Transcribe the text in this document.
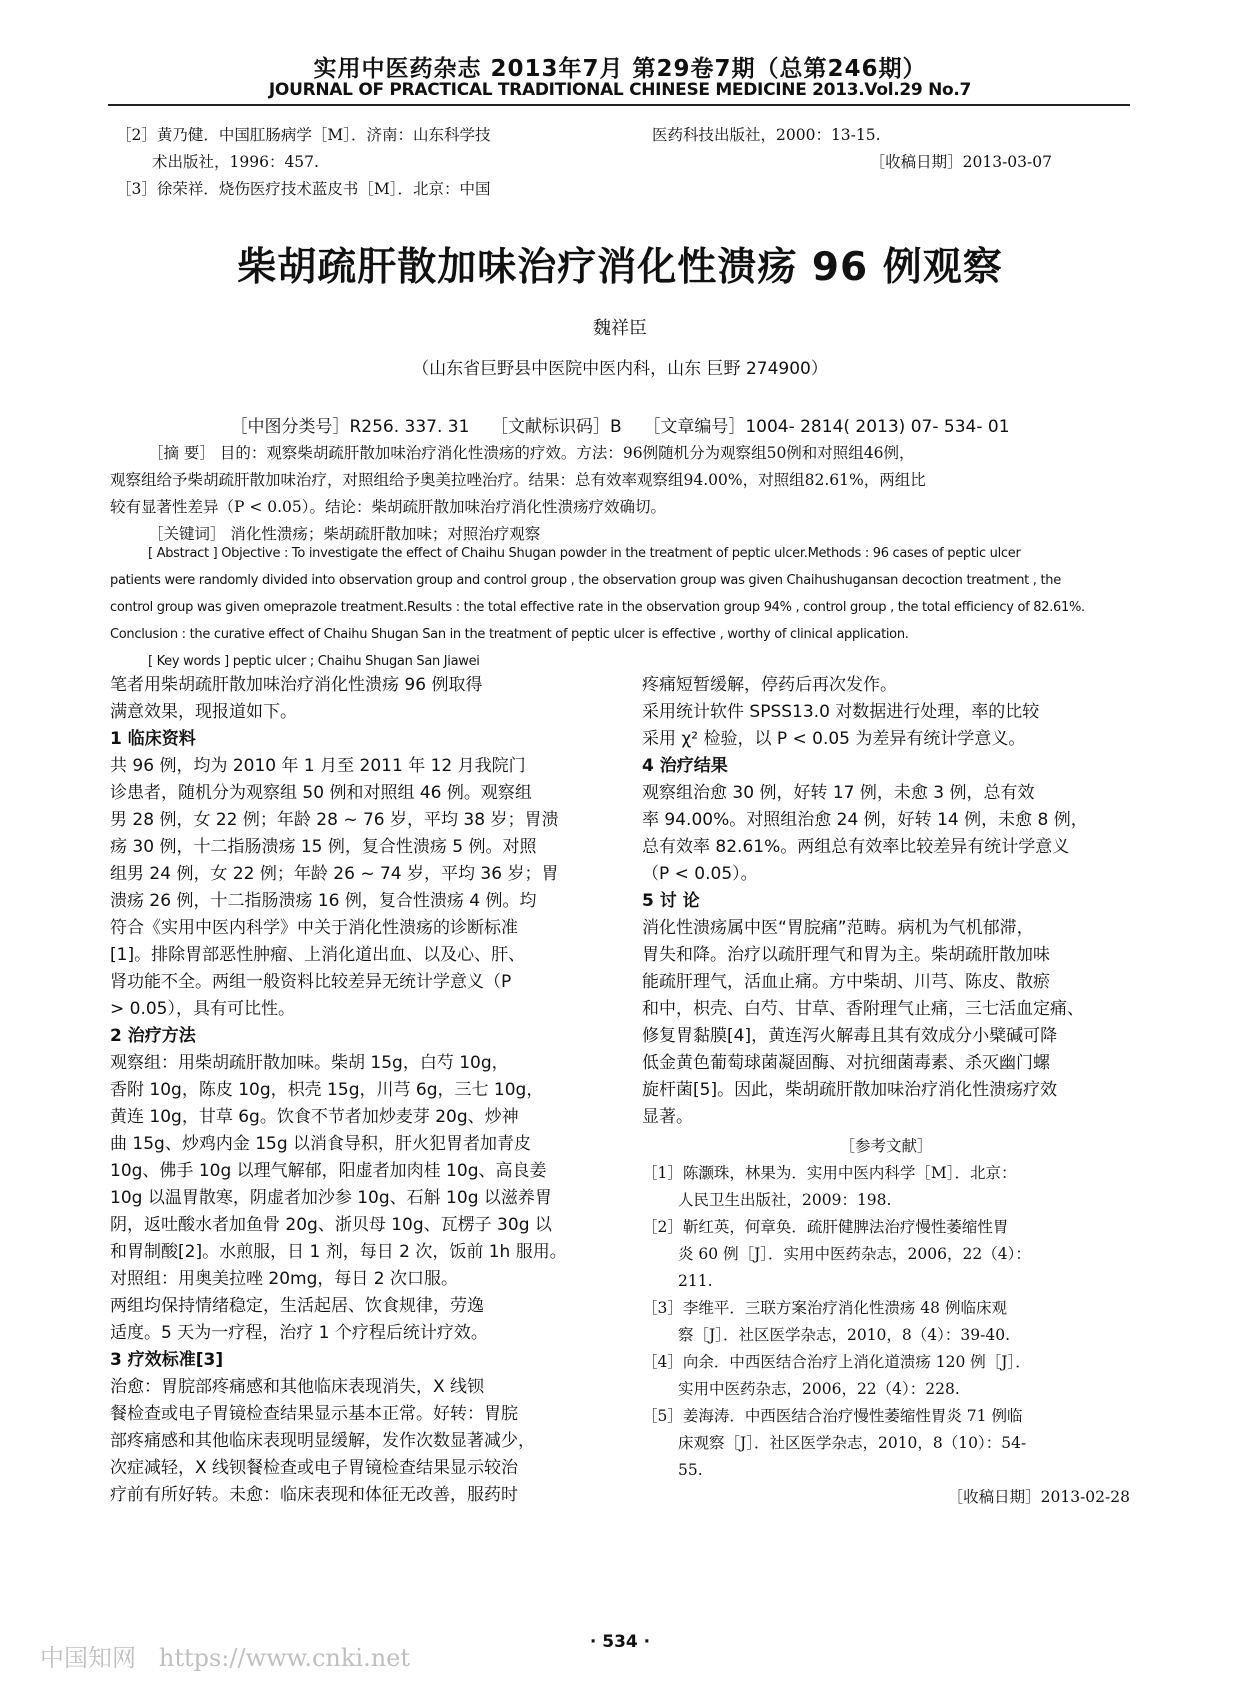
实用中医药杂志 2013年7月 第29卷7期（总第246期）
JOURNAL OF PRACTICAL TRADITIONAL CHINESE MEDICINE 2013.Vol.29 No.7
［2］黄乃健．中国肛肠病学［M］．济南：山东科学技
术出版社，1996：457.
［3］徐荣祥．烧伤医疗技术蓝皮书［M］．北京：中国
医药科技出版社，2000：13-15.
［收稿日期］2013-03-07
柴胡疏肝散加味治疗消化性溃疡 96 例观察
魏祥臣
（山东省巨野县中医院中医内科，山东 巨野 274900）
［中图分类号］R256. 337. 31    ［文献标识码］B    ［文章编号］1004- 2814( 2013) 07- 534- 01
［摘 要］ 目的：观察柴胡疏肝散加味治疗消化性溃疡的疗效。方法：96例随机分为观察组50例和对照组46例，
观察组给予柴胡疏肝散加味治疗，对照组给予奥美拉唑治疗。结果：总有效率观察组94.00%，对照组82.61%，两组比
较有显著性差异（P < 0.05）。结论：柴胡疏肝散加味治疗消化性溃疡疗效确切。
［关键词］ 消化性溃疡；柴胡疏肝散加味；对照治疗观察
[ Abstract ] Objective : To investigate the effect of Chaihu Shugan powder in the treatment of peptic ulcer.Methods : 96 cases of peptic ulcer
patients were randomly divided into observation group and control group , the observation group was given Chaihushugansan decoction treatment , the
control group was given omeprazole treatment.Results : the total effective rate in the observation group 94% , control group , the total efficiency of 82.61%.
Conclusion : the curative effect of Chaihu Shugan San in the treatment of peptic ulcer is effective , worthy of clinical application.
[ Key words ] peptic ulcer ; Chaihu Shugan San Jiawei
笔者用柴胡疏肝散加味治疗消化性溃疡 96 例取得
满意效果，现报道如下。
1 临床资料
共 96 例，均为 2010 年 1 月至 2011 年 12 月我院门
诊患者，随机分为观察组 50 例和对照组 46 例。观察组
男 28 例，女 22 例；年龄 28 ~ 76 岁，平均 38 岁；胃溃
疡 30 例，十二指肠溃疡 15 例，复合性溃疡 5 例。对照
组男 24 例，女 22 例；年龄 26 ~ 74 岁，平均 36 岁；胃
溃疡 26 例，十二指肠溃疡 16 例，复合性溃疡 4 例。均
符合《实用中医内科学》中关于消化性溃疡的诊断标准
[1]。排除胃部恶性肿瘤、上消化道出血、以及心、肝、
肾功能不全。两组一般资料比较差异无统计学意义（P
> 0.05），具有可比性。
2 治疗方法
观察组：用柴胡疏肝散加味。柴胡 15g，白芍 10g，
香附 10g，陈皮 10g，枳壳 15g，川芎 6g，三七 10g，
黄连 10g，甘草 6g。饮食不节者加炒麦芽 20g、炒神
曲 15g、炒鸡内金 15g 以消食导积，肝火犯胃者加青皮
10g、佛手 10g 以理气解郁，阳虚者加肉桂 10g、高良姜
10g 以温胃散寒，阴虚者加沙参 10g、石斛 10g 以滋养胃
阴，返吐酸水者加鱼骨 20g、浙贝母 10g、瓦楞子 30g 以
和胃制酸[2]。水煎服，日 1 剂，每日 2 次，饭前 1h 服用。
对照组：用奥美拉唑 20mg，每日 2 次口服。
两组均保持情绪稳定，生活起居、饮食规律，劳逸
适度。5 天为一疗程，治疗 1 个疗程后统计疗效。
3 疗效标准[3]
治愈：胃脘部疼痛感和其他临床表现消失，X 线钡
餐检查或电子胃镜检查结果显示基本正常。好转：胃脘
部疼痛感和其他临床表现明显缓解，发作次数显著减少，
次症减轻，X 线钡餐检查或电子胃镜检查结果显示较治
疗前有所好转。未愈：临床表现和体征无改善，服药时
疼痛短暂缓解，停药后再次发作。
采用统计软件 SPSS13.0 对数据进行处理，率的比较
采用 χ² 检验，以 P < 0.05 为差异有统计学意义。
4 治疗结果
观察组治愈 30 例，好转 17 例，未愈 3 例，总有效
率 94.00%。对照组治愈 24 例，好转 14 例，未愈 8 例，
总有效率 82.61%。两组总有效率比较差异有统计学意义
（P < 0.05）。
5 讨 论
消化性溃疡属中医“胃脘痛”范畴。病机为气机郁滞，
胃失和降。治疗以疏肝理气和胃为主。柴胡疏肝散加味
能疏肝理气，活血止痛。方中柴胡、川芎、陈皮、散瘀
和中，枳壳、白芍、甘草、香附理气止痛，三七活血定痛、
修复胃黏膜[4]，黄连泻火解毒且其有效成分小檗碱可降
低金黄色葡萄球菌凝固酶、对抗细菌毒素、杀灭幽门螺
旋杆菌[5]。因此，柴胡疏肝散加味治疗消化性溃疡疗效
显著。
［参考文献］
［1］陈灏珠，林果为．实用中医内科学［M］．北京：
人民卫生出版社，2009：198.
［2］靳红英，何章奂．疏肝健脾法治疗慢性萎缩性胃
炎 60 例［J］．实用中医药杂志，2006，22（4）：
211.
［3］李维平．三联方案治疗消化性溃疡 48 例临床观
察［J］．社区医学杂志，2010，8（4）：39-40.
［4］向余．中西医结合治疗上消化道溃疡 120 例［J］．
实用中医药杂志，2006，22（4）：228.
［5］姜海涛．中西医结合治疗慢性萎缩性胃炎 71 例临
床观察［J］．社区医学杂志，2010，8（10）：54-
55.
［收稿日期］2013-02-28
· 534 ·
中国知网   https://www.cnki.net
